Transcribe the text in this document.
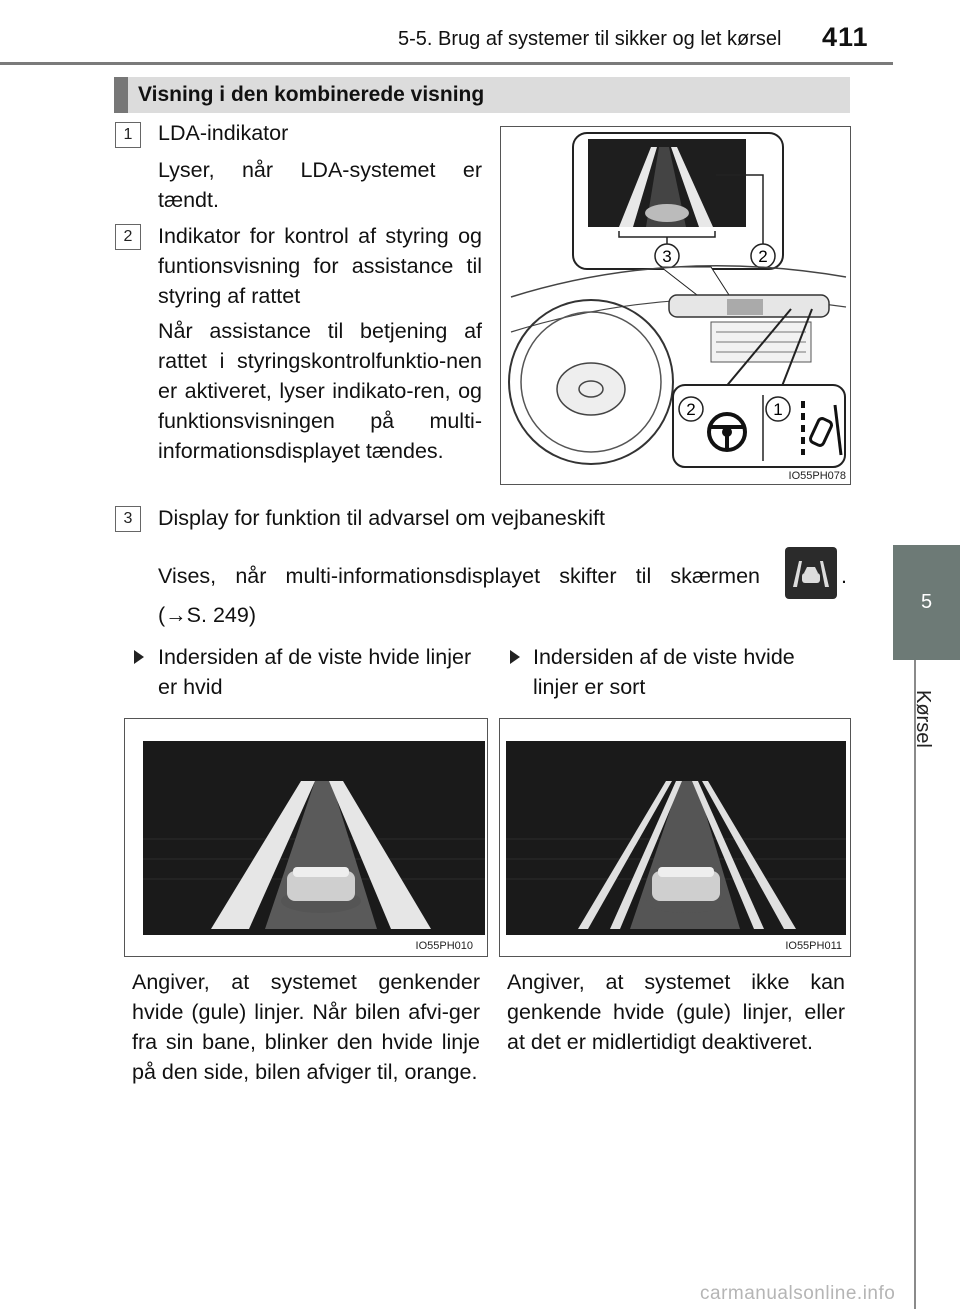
5-5. Brug af systemer til sikker og let kørsel 411
5
Kørsel
Visning i den kombinerede visning
1	LDA-indikator
Lyser, når LDA-systemet er tændt.
2	Indikator for kontrol af styring og funtionsvisning for assistance til styring af rattet
Når assistance til betjening af rattet i styringskontrolfunktio-nen er aktiveret, lyser indikato-ren, og funktionsvisningen på multi-informationsdisplayet tændes.
3	2
2	1
IO55PH078
3	Display for funktion til advarsel om vejbaneskift
Vises, når multi-informationsdisplayet skifter til skærmen	.
(→S. 249)
Indersiden af de viste hvide linjer er hvid
Indersiden af de viste hvide linjer er sort
IO55PH010	IO55PH011
Angiver, at systemet genkender hvide (gule) linjer. Når bilen afvi-ger fra sin bane, blinker den hvide linje på den side, bilen afviger til, orange.
Angiver, at systemet ikke kan genkende hvide (gule) linjer, eller at det er midlertidigt deaktiveret.
carmanualsonline.info
